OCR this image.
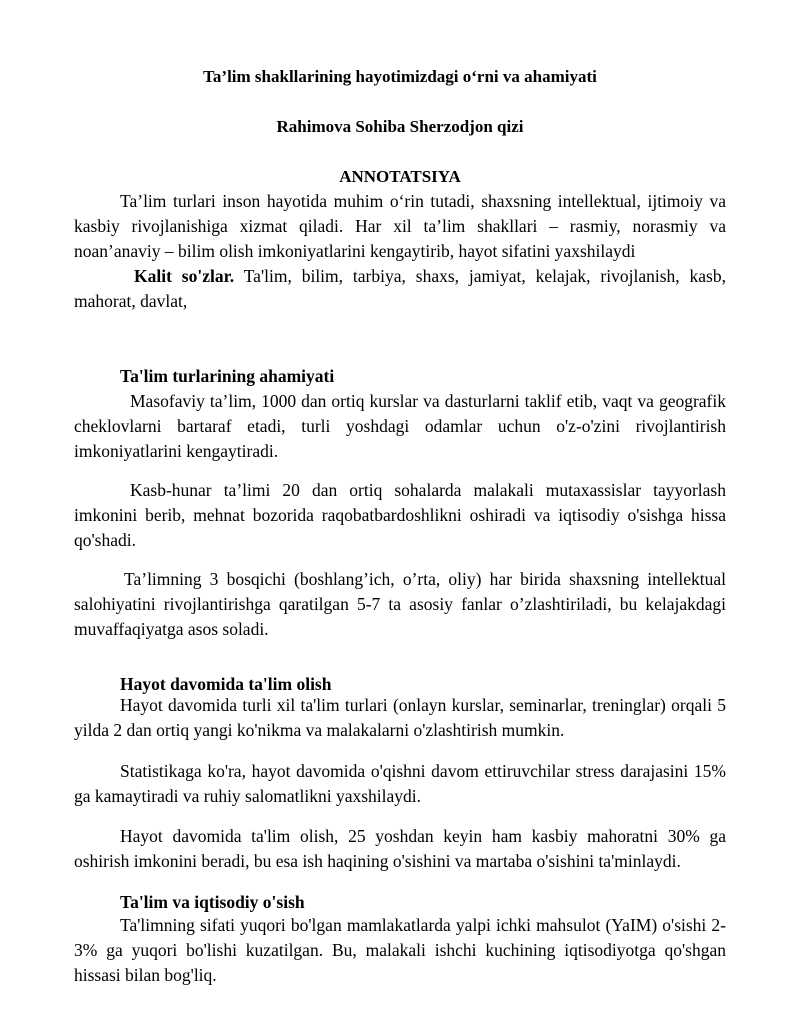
Ta’lim shakllarining hayotimizdagi o‘rni va ahamiyati
Rahimova Sohiba Sherzodjon qizi
ANNOTATSIYA
Ta’lim turlari inson hayotida muhim o‘rin tutadi, shaxsning intellektual, ijtimoiy va kasbiy rivojlanishiga xizmat qiladi. Har xil ta’lim shakllari – rasmiy, norasmiy va noan’anaviy – bilim olish imkoniyatlarini kengaytirib, hayot sifatini yaxshilaydi
Kalit so'zlar. Ta'lim, bilim, tarbiya, shaxs, jamiyat, kelajak, rivojlanish, kasb, mahorat, davlat,
Ta'lim turlarining ahamiyati
Masofaviy ta’lim, 1000 dan ortiq kurslar va dasturlarni taklif etib, vaqt va geografik cheklovlarni bartaraf etadi, turli yoshdagi odamlar uchun o'z-o'zini rivojlantirish imkoniyatlarini kengaytiradi.
Kasb-hunar ta’limi 20 dan ortiq sohalarda malakali mutaxassislar tayyorlash imkonini berib, mehnat bozorida raqobatbardoshlikni oshiradi va iqtisodiy o'sishga hissa qo'shadi.
Ta’limning 3 bosqichi (boshlang’ich, o’rta, oliy) har birida shaxsning intellektual salohiyatini rivojlantirishga qaratilgan 5-7 ta asosiy fanlar o’zlashtiriladi, bu kelajakdagi muvaffaqiyatga asos soladi.
Hayot davomida ta'lim olish
Hayot davomida turli xil ta'lim turlari (onlayn kurslar, seminarlar, treninglar) orqali 5 yilda 2 dan ortiq yangi ko'nikma va malakalarni o'zlashtirish mumkin.
Statistikaga ko'ra, hayot davomida o'qishni davom ettiruvchilar stress darajasini 15% ga kamaytiradi va ruhiy salomatlikni yaxshilaydi.
Hayot davomida ta'lim olish, 25 yoshdan keyin ham kasbiy mahoratni 30% ga oshirish imkonini beradi, bu esa ish haqining o'sishini va martaba o'sishini ta'minlaydi.
Ta'lim va iqtisodiy o'sish
Ta'limning sifati yuqori bo'lgan mamlakatlarda yalpi ichki mahsulot (YaIM) o'sishi 2-3% ga yuqori bo'lishi kuzatilgan. Bu, malakali ishchi kuchining iqtisodiyotga qo'shgan hissasi bilan bog'liq.
